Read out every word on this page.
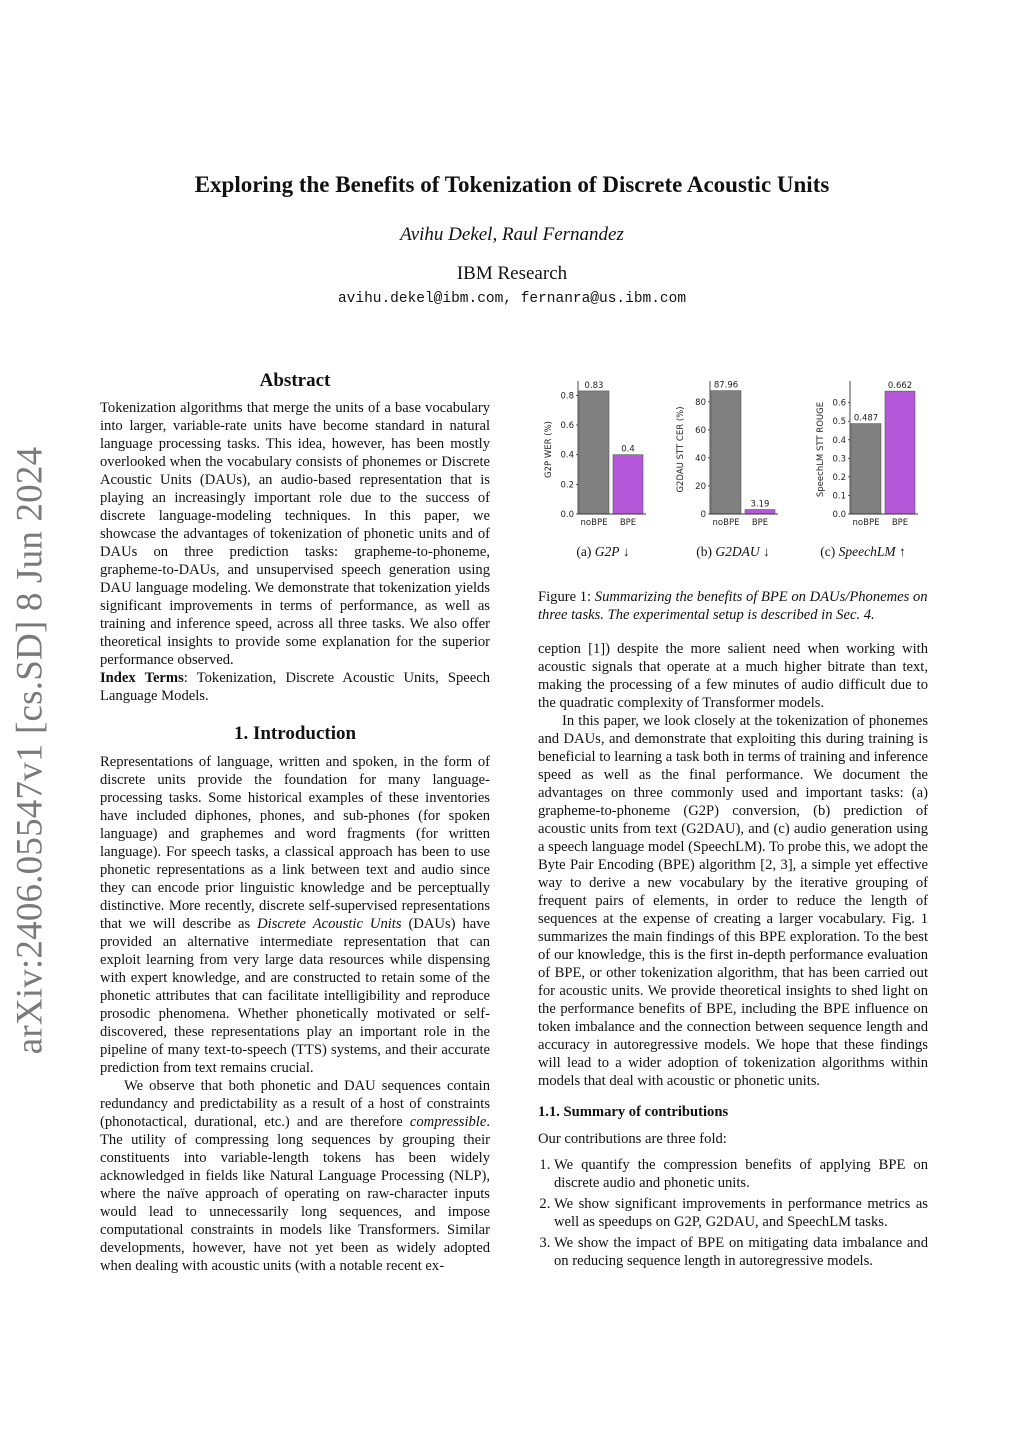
arXiv:2406.05547v1 [cs.SD] 8 Jun 2024
Exploring the Benefits of Tokenization of Discrete Acoustic Units
Avihu Dekel, Raul Fernandez
IBM Research
avihu.dekel@ibm.com, fernanra@us.ibm.com
Abstract

Tokenization algorithms that merge the units of a base vocabulary into larger, variable-rate units have become standard in natural language processing tasks. This idea, however, has been mostly overlooked when the vocabulary consists of phonemes or Discrete Acoustic Units (DAUs), an audio-based representation that is playing an increasingly important role due to the success of discrete language-modeling techniques. In this paper, we showcase the advantages of tokenization of phonetic units and of DAUs on three prediction tasks: grapheme-to-phoneme, grapheme-to-DAUs, and unsupervised speech generation using DAU language modeling. We demonstrate that tokenization yields significant improvements in terms of performance, as well as training and inference speed, across all three tasks. We also offer theoretical insights to provide some explanation for the superior performance observed.

Index Terms: Tokenization, Discrete Acoustic Units, Speech Language Models.

1. Introduction

Representations of language, written and spoken, in the form of discrete units provide the foundation for many language-processing tasks. Some historical examples of these inventories have included diphones, phones, and sub-phones (for spoken language) and graphemes and word fragments (for written language). For speech tasks, a classical approach has been to use phonetic representations as a link between text and audio since they can encode prior linguistic knowledge and be perceptually distinctive. More recently, discrete self-supervised representations that we will describe as Discrete Acoustic Units (DAUs) have provided an alternative intermediate representation that can exploit learning from very large data resources while dispensing with expert knowledge, and are constructed to retain some of the phonetic attributes that can facilitate intelligibility and reproduce prosodic phenomena. Whether phonetically motivated or self-discovered, these representations play an important role in the pipeline of many text-to-speech (TTS) systems, and their accurate prediction from text remains crucial.

We observe that both phonetic and DAU sequences contain redundancy and predictability as a result of a host of constraints (phonotactical, durational, etc.) and are therefore compressible. The utility of compressing long sequences by grouping their constituents into variable-length tokens has been widely acknowledged in fields like Natural Language Processing (NLP), where the naïve approach of operating on raw-character inputs would lead to unnecessarily long sequences, and impose computational constraints in models like Transformers. Similar developments, however, have not yet been as widely adopted when dealing with acoustic units (with a notable recent ex-

G2P WER (%)
0.0
0.2
0.4
0.6
0.8
0.83
noBPE
0.4
BPE
G2DAU STT CER (%)
0
20
40
60
80
87.96
noBPE
3.19
BPE
SpeechLM STT ROUGE
0.0
0.1
0.2
0.3
0.4
0.5
0.6
0.487
noBPE
0.662
BPE
(a) G2P ↓	(b) G2DAU ↓	(c) SpeechLM ↑

Figure 1: Summarizing the benefits of BPE on DAUs/Phonemes on three tasks. The experimental setup is described in Sec. 4.

ception [1]) despite the more salient need when working with acoustic signals that operate at a much higher bitrate than text, making the processing of a few minutes of audio difficult due to the quadratic complexity of Transformer models.

In this paper, we look closely at the tokenization of phonemes and DAUs, and demonstrate that exploiting this during training is beneficial to learning a task both in terms of training and inference speed as well as the final performance. We document the advantages on three commonly used and important tasks: (a) grapheme-to-phoneme (G2P) conversion, (b) prediction of acoustic units from text (G2DAU), and (c) audio generation using a speech language model (SpeechLM). To probe this, we adopt the Byte Pair Encoding (BPE) algorithm [2, 3], a simple yet effective way to derive a new vocabulary by the iterative grouping of frequent pairs of elements, in order to reduce the length of sequences at the expense of creating a larger vocabulary. Fig. 1 summarizes the main findings of this BPE exploration. To the best of our knowledge, this is the first in-depth performance evaluation of BPE, or other tokenization algorithm, that has been carried out for acoustic units. We provide theoretical insights to shed light on the performance benefits of BPE, including the BPE influence on token imbalance and the connection between sequence length and accuracy in autoregressive models. We hope that these findings will lead to a wider adoption of tokenization algorithms within models that deal with acoustic or phonetic units.

1.1. Summary of contributions

Our contributions are three fold:

1. We quantify the compression benefits of applying BPE on discrete audio and phonetic units.
2. We show significant improvements in performance metrics as well as speedups on G2P, G2DAU, and SpeechLM tasks.
3. We show the impact of BPE on mitigating data imbalance and on reducing sequence length in autoregressive models.
